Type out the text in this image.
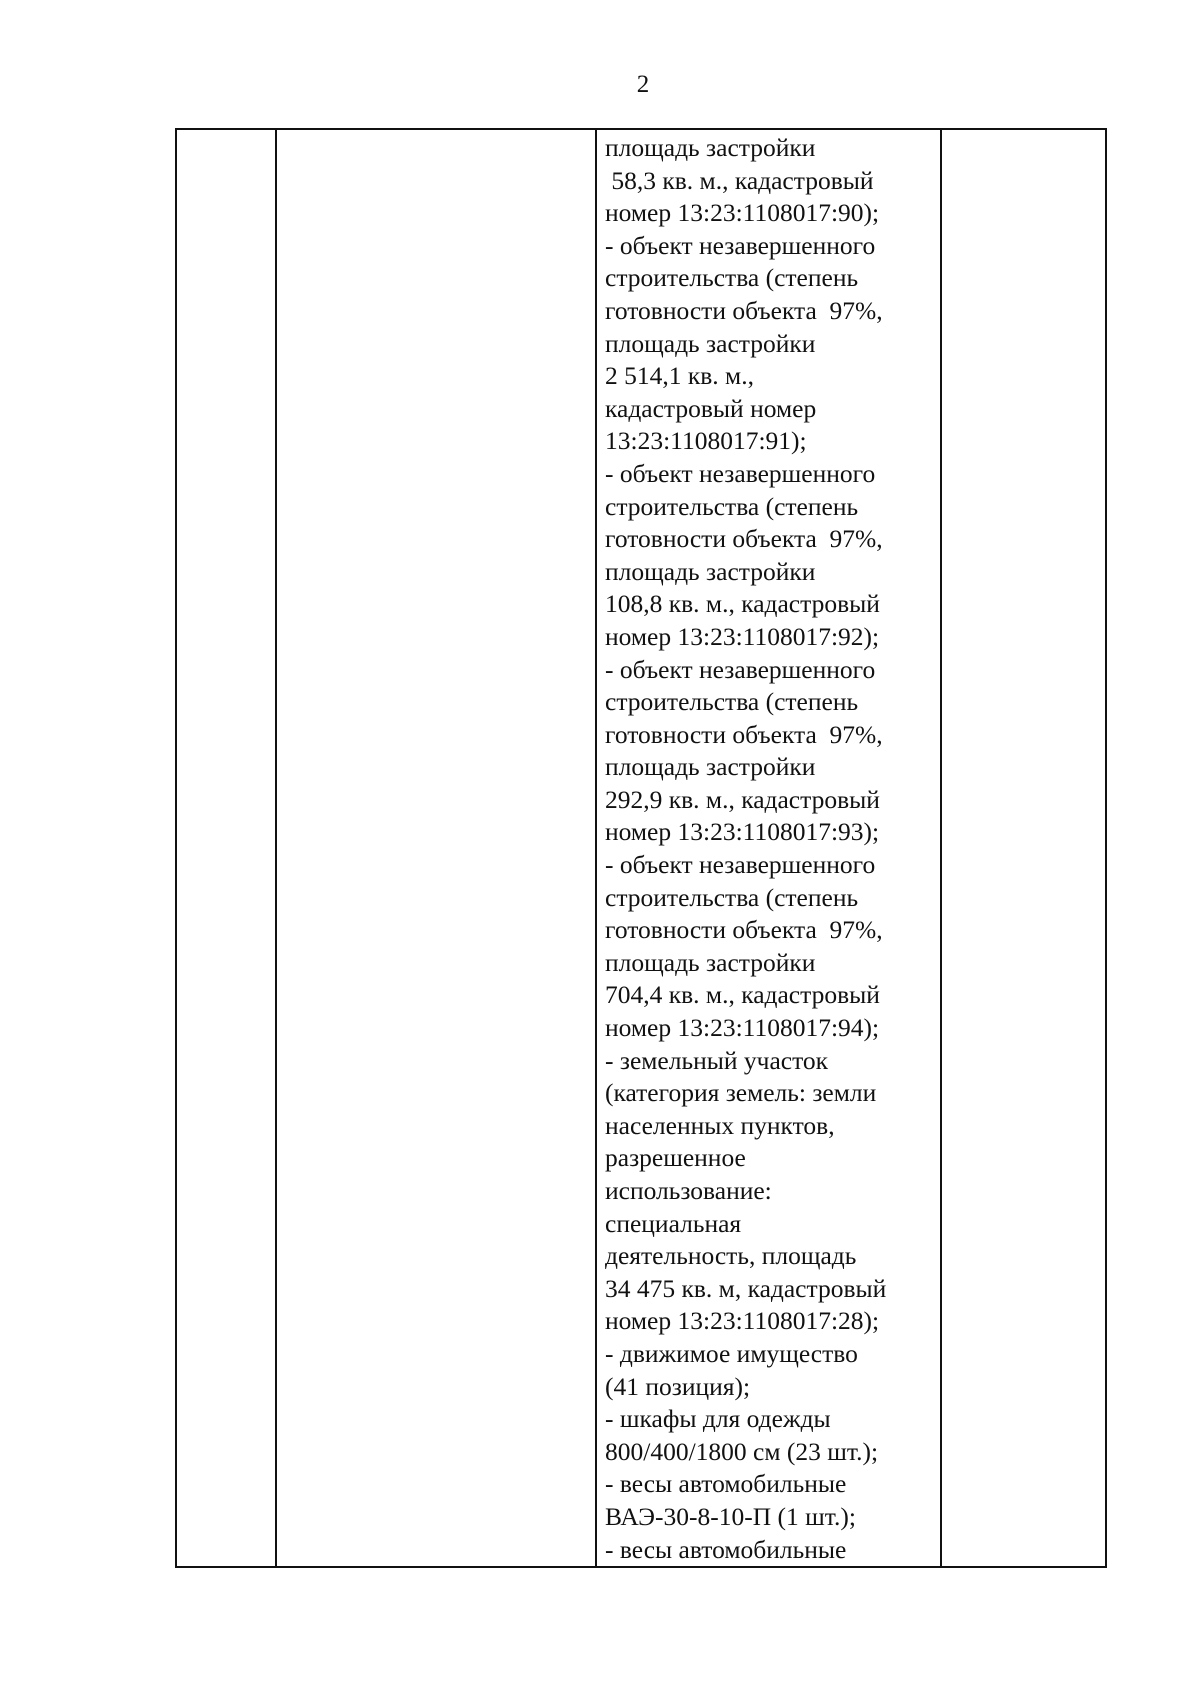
2
площадь застройки
58,3 кв. м., кадастровый
номер 13:23:1108017:90);
- объект незавершенного
строительства (степень
готовности объекта  97%,
площадь застройки
2 514,1 кв. м.,
кадастровый номер
13:23:1108017:91);
- объект незавершенного
строительства (степень
готовности объекта  97%,
площадь застройки
108,8 кв. м., кадастровый
номер 13:23:1108017:92);
- объект незавершенного
строительства (степень
готовности объекта  97%,
площадь застройки
292,9 кв. м., кадастровый
номер 13:23:1108017:93);
- объект незавершенного
строительства (степень
готовности объекта  97%,
площадь застройки
704,4 кв. м., кадастровый
номер 13:23:1108017:94);
- земельный участок
(категория земель: земли
населенных пунктов,
разрешенное
использование:
специальная
деятельность, площадь
34 475 кв. м, кадастровый
номер 13:23:1108017:28);
- движимое имущество
(41 позиция);
- шкафы для одежды
800/400/1800 см (23 шт.);
- весы автомобильные
ВАЭ-30-8-10-П (1 шт.);
- весы автомобильные
